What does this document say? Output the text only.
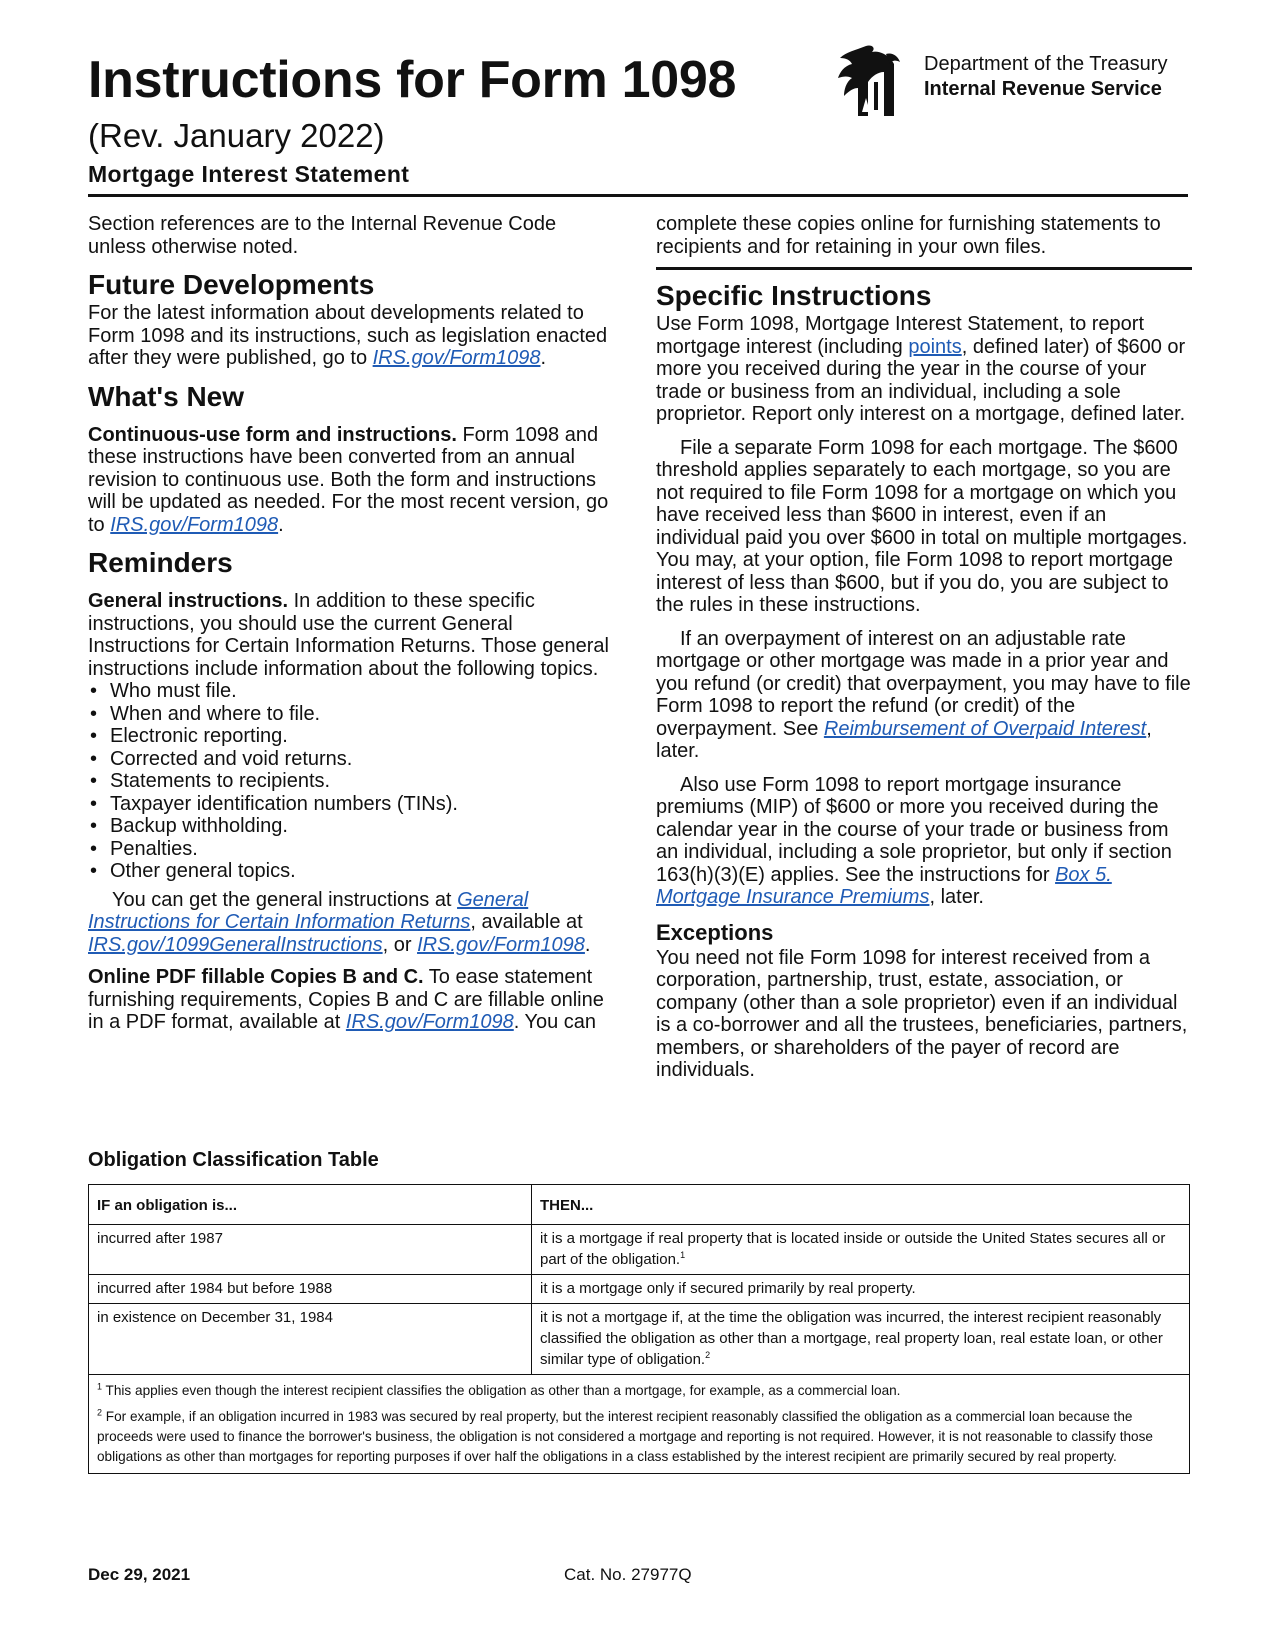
Instructions for Form 1098
(Rev. January 2022)
Mortgage Interest Statement
Department of the Treasury
Internal Revenue Service

Section references are to the Internal Revenue Code unless otherwise noted.

Future Developments

For the latest information about developments related to Form 1098 and its instructions, such as legislation enacted after they were published, go to IRS.gov/Form1098.

What's New

Continuous-use form and instructions. Form 1098 and these instructions have been converted from an annual revision to continuous use. Both the form and instructions will be updated as needed. For the most recent version, go to IRS.gov/Form1098.

Reminders

General instructions. In addition to these specific instructions, you should use the current General Instructions for Certain Information Returns. Those general instructions include information about the following topics.

• Who must file.
• When and where to file.
• Electronic reporting.
• Corrected and void returns.
• Statements to recipients.
• Taxpayer identification numbers (TINs).
• Backup withholding.
• Penalties.
• Other general topics.

You can get the general instructions at General Instructions for Certain Information Returns, available at IRS.gov/1099GeneralInstructions, or IRS.gov/Form1098.

Online PDF fillable Copies B and C. To ease statement furnishing requirements, Copies B and C are fillable online in a PDF format, available at IRS.gov/Form1098. You can

complete these copies online for furnishing statements to recipients and for retaining in your own files.

Specific Instructions

Use Form 1098, Mortgage Interest Statement, to report mortgage interest (including points, defined later) of $600 or more you received during the year in the course of your trade or business from an individual, including a sole proprietor. Report only interest on a mortgage, defined later.

File a separate Form 1098 for each mortgage. The $600 threshold applies separately to each mortgage, so you are not required to file Form 1098 for a mortgage on which you have received less than $600 in interest, even if an individual paid you over $600 in total on multiple mortgages. You may, at your option, file Form 1098 to report mortgage interest of less than $600, but if you do, you are subject to the rules in these instructions.

If an overpayment of interest on an adjustable rate mortgage or other mortgage was made in a prior year and you refund (or credit) that overpayment, you may have to file Form 1098 to report the refund (or credit) of the overpayment. See Reimbursement of Overpaid Interest, later.

Also use Form 1098 to report mortgage insurance premiums (MIP) of $600 or more you received during the calendar year in the course of your trade or business from an individual, including a sole proprietor, but only if section 163(h)(3)(E) applies. See the instructions for Box 5. Mortgage Insurance Premiums, later.

Exceptions

You need not file Form 1098 for interest received from a corporation, partnership, trust, estate, association, or company (other than a sole proprietor) even if an individual is a co-borrower and all the trustees, beneficiaries, partners, members, or shareholders of the payer of record are individuals.

Obligation Classification Table
IF an obligation is...	THEN...
incurred after 1987	it is a mortgage if real property that is located inside or outside the United States secures all or part of the obligation.$^1$
incurred after 1984 but before 1988	it is a mortgage only if secured primarily by real property.
in existence on December 31, 1984	it is not a mortgage if, at the time the obligation was incurred, the interest recipient reasonably classified the obligation as other than a mortgage, real property loan, real estate loan, or other similar type of obligation.$^2$

$^1$ This applies even though the interest recipient classifies the obligation as other than a mortgage, for example, as a commercial loan.

$^2$ For example, if an obligation incurred in 1983 was secured by real property, but the interest recipient reasonably classified the obligation as a commercial loan because the proceeds were used to finance the borrower's business, the obligation is not considered a mortgage and reporting is not required. However, it is not reasonable to classify those obligations as other than mortgages for reporting purposes if over half the obligations in a class established by the interest recipient are primarily secured by real property.

Dec 29, 2021	Cat. No. 27977Q
